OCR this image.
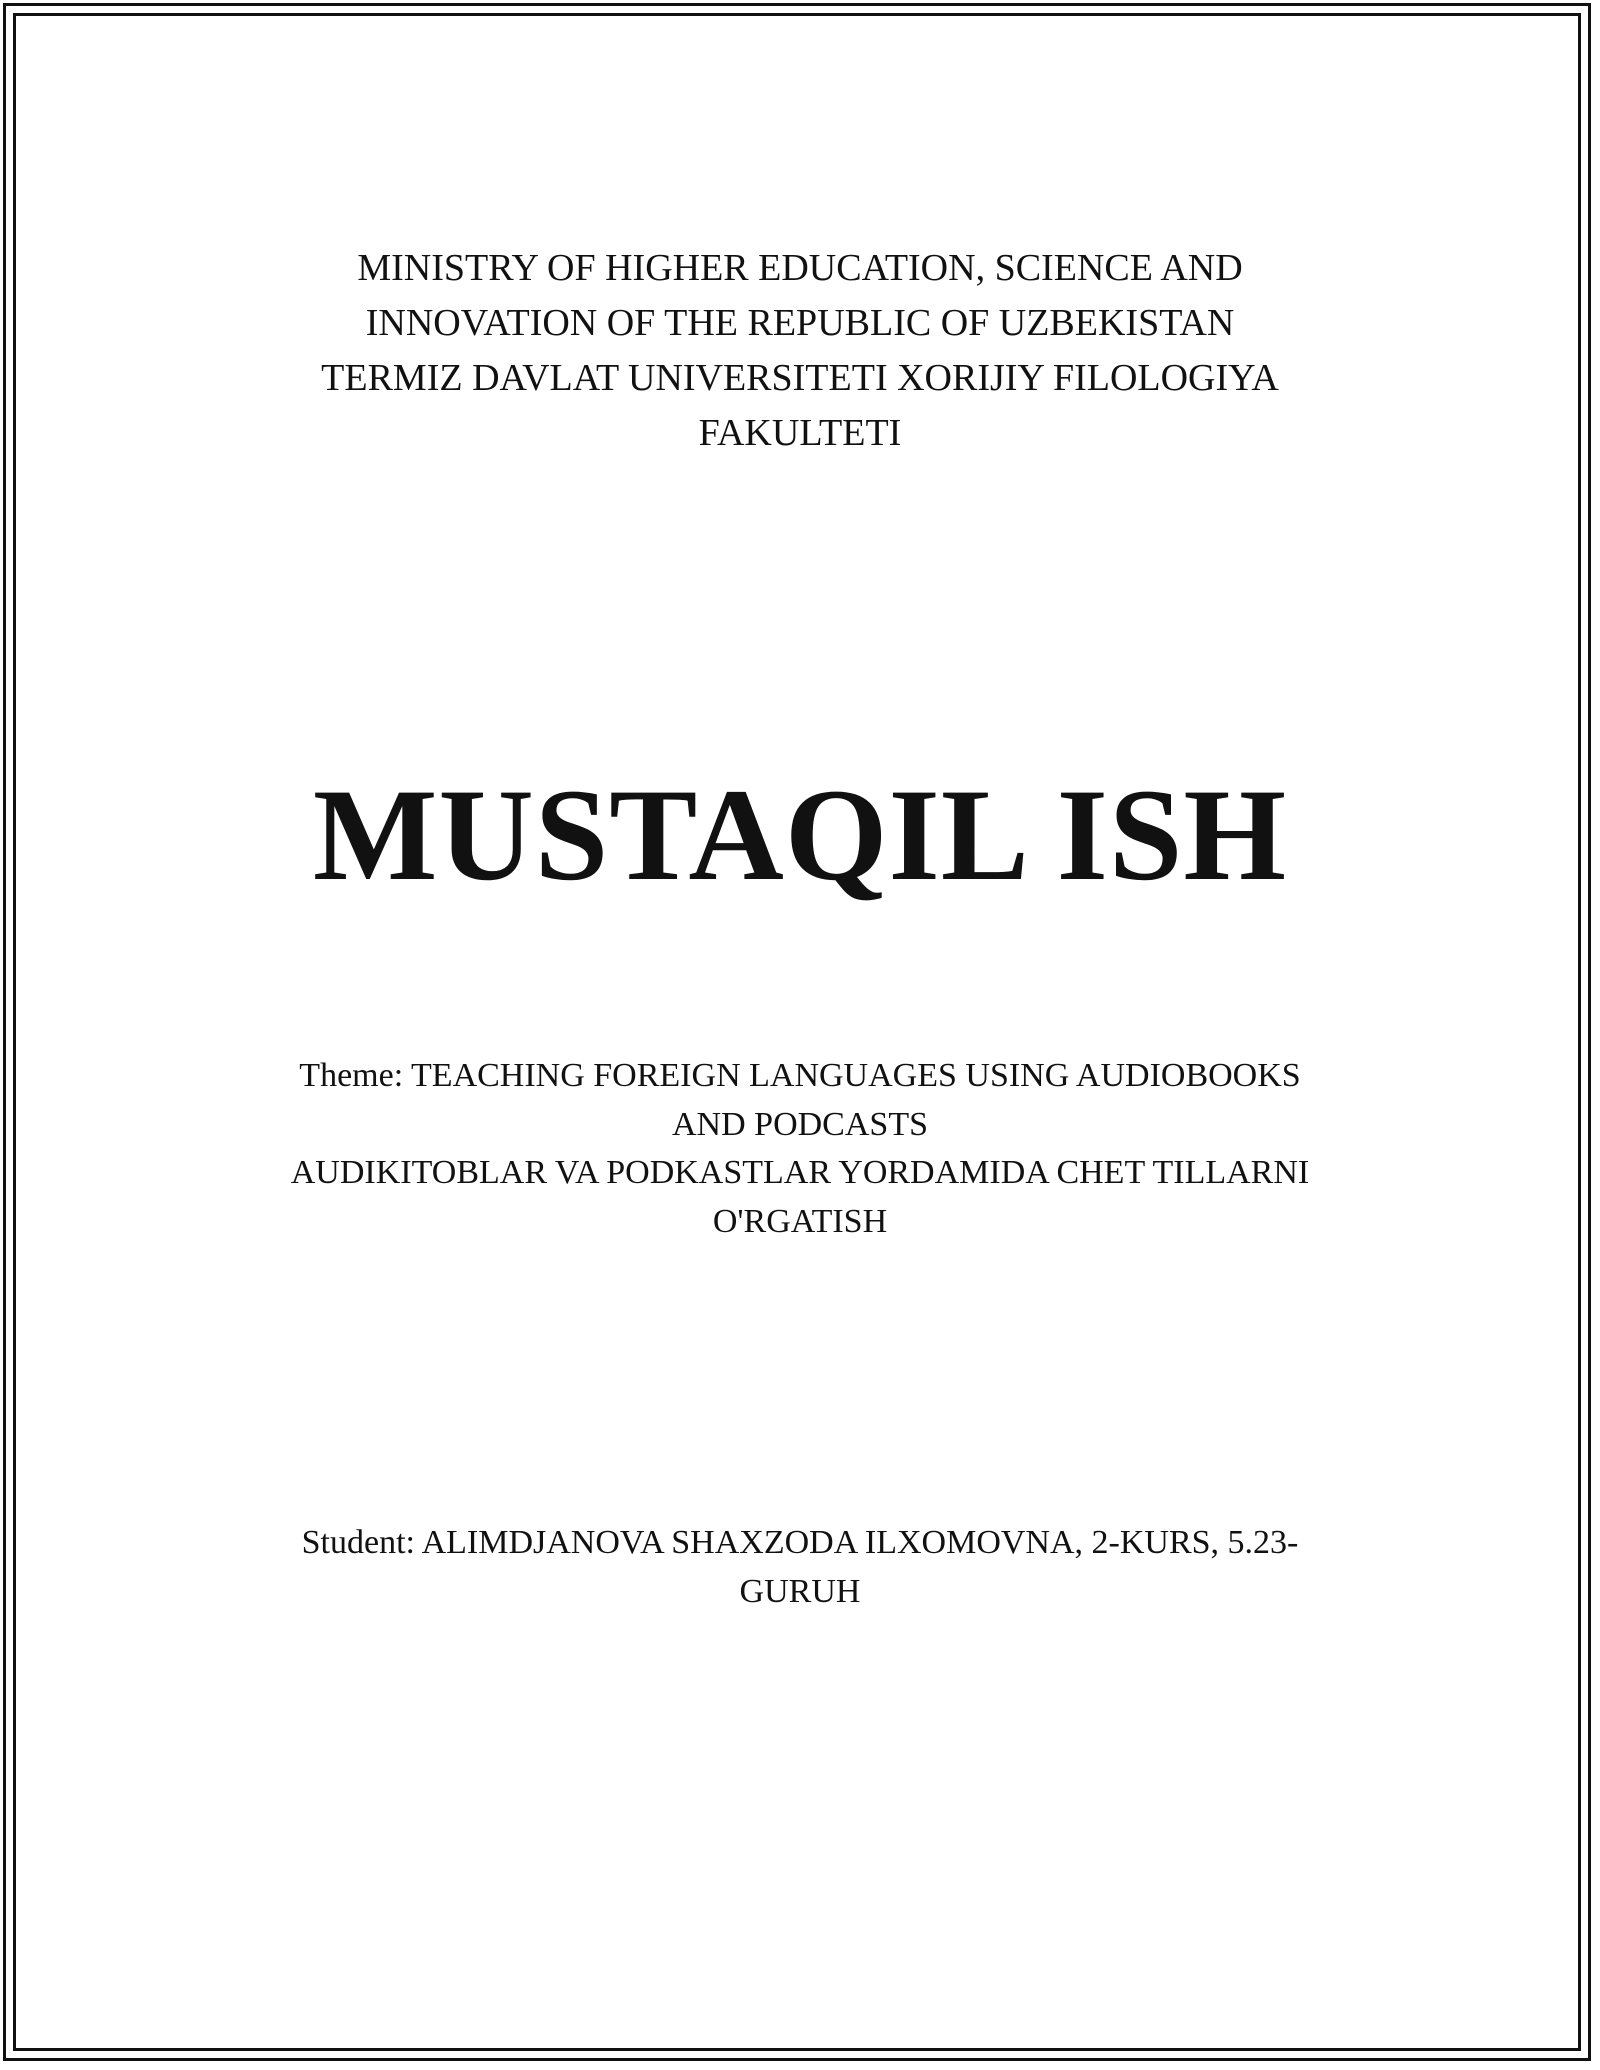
MINISTRY OF HIGHER EDUCATION, SCIENCE AND
INNOVATION OF THE REPUBLIC OF UZBEKISTAN
TERMIZ DAVLAT UNIVERSITETI XORIJIY FILOLOGIYA
FAKULTETI
MUSTAQIL ISH
Theme: TEACHING FOREIGN LANGUAGES USING AUDIOBOOKS
AND PODCASTS
AUDIKITOBLAR VA PODKASTLAR YORDAMIDA CHET TILLARNI
O'RGATISH
Student: ALIMDJANOVA SHAXZODA ILXOMOVNA, 2-KURS, 5.23-
GURUH
